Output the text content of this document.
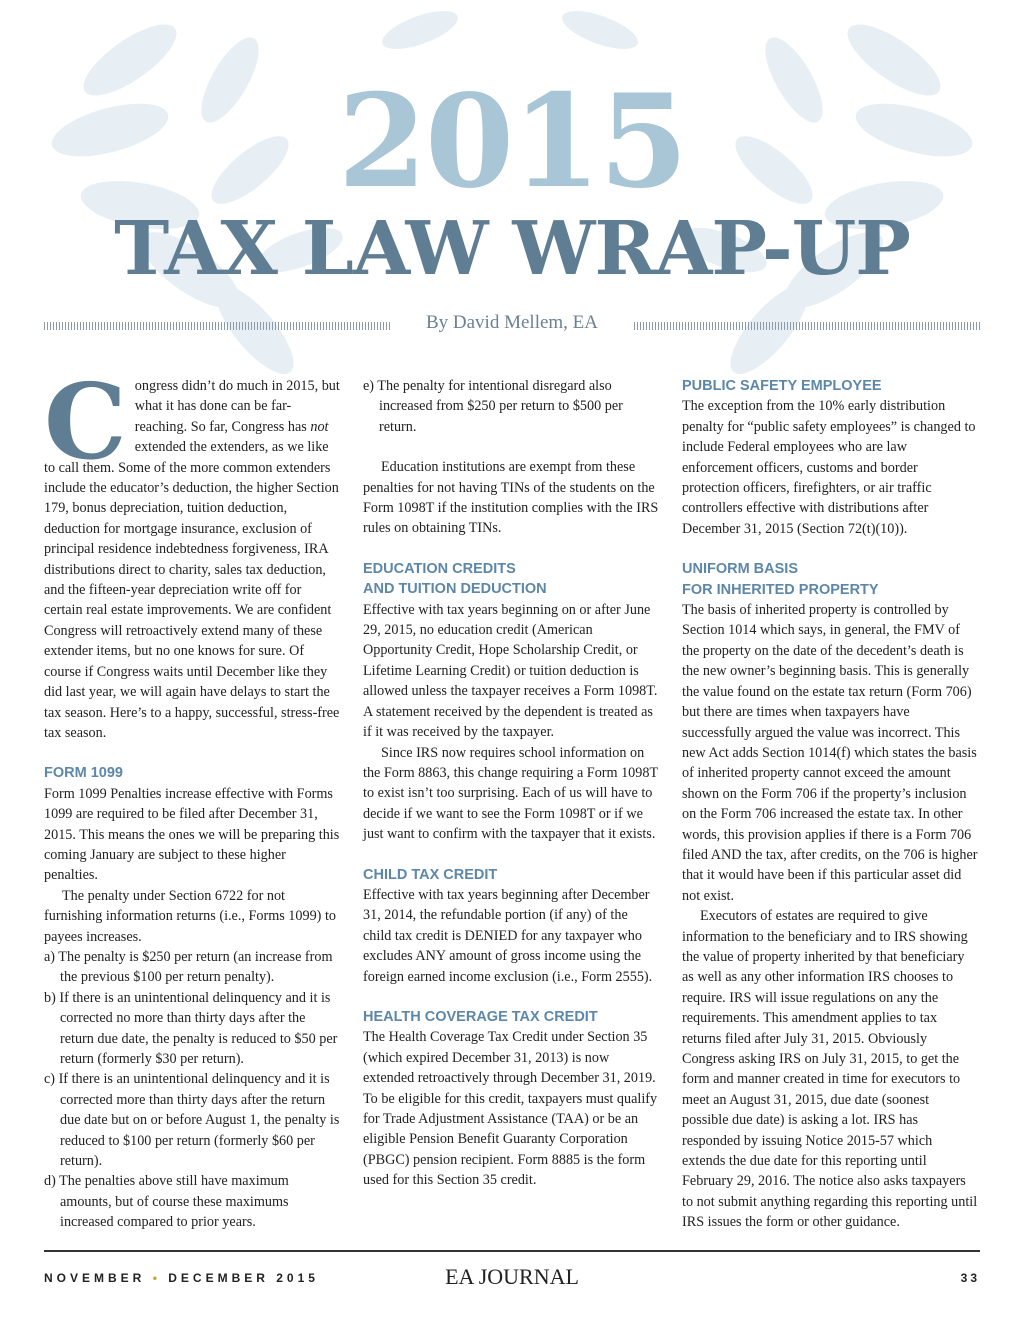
2015
TAX LAW WRAP-UP
By David Mellem, EA

Congress didn’t do much in 2015, but what it has done can be far-reaching. So far, Congress has not extended the extenders, as we like to call them. Some of the more common extenders include the educator’s deduction, the higher Section 179, bonus depreciation, tuition deduction, deduction for mortgage insurance, exclusion of principal residence indebtedness forgiveness, IRA distributions direct to charity, sales tax deduction, and the fifteen-year depreciation write off for certain real estate improvements. We are confident Congress will retroactively extend many of these extender items, but no one knows for sure. Of course if Congress waits until December like they did last year, we will again have delays to start the tax season. Here’s to a happy, successful, stress-free tax season.

FORM 1099

Form 1099 Penalties increase effective with Forms 1099 are required to be filed after December 31, 2015. This means the ones we will be preparing this coming January are subject to these higher penalties.

The penalty under Section 6722 for not furnishing information returns (i.e., Forms 1099) to payees increases.

a) The penalty is $250 per return (an increase from the previous $100 per return penalty).

b) If there is an unintentional delinquency and it is corrected no more than thirty days after the return due date, the penalty is reduced to $50 per return (formerly $30 per return).

c) If there is an unintentional delinquency and it is corrected more than thirty days after the return due date but on or before August 1, the penalty is reduced to $100 per return (formerly $60 per return).

d) The penalties above still have maximum amounts, but of course these maximums increased compared to prior years.

e) The penalty for intentional disregard also increased from $250 per return to $500 per return.

Education institutions are exempt from these penalties for not having TINs of the students on the Form 1098T if the institution complies with the IRS rules on obtaining TINs.

EDUCATION CREDITS
AND TUITION DEDUCTION

Effective with tax years beginning on or after June 29, 2015, no education credit (American Opportunity Credit, Hope Scholarship Credit, or Lifetime Learning Credit) or tuition deduction is allowed unless the taxpayer receives a Form 1098T. A statement received by the dependent is treated as if it was received by the taxpayer.

Since IRS now requires school information on the Form 8863, this change requiring a Form 1098T to exist isn’t too surprising. Each of us will have to decide if we want to see the Form 1098T or if we just want to confirm with the taxpayer that it exists.

CHILD TAX CREDIT

Effective with tax years beginning after December 31, 2014, the refundable portion (if any) of the child tax credit is DENIED for any taxpayer who excludes ANY amount of gross income using the foreign earned income exclusion (i.e., Form 2555).

HEALTH COVERAGE TAX CREDIT

The Health Coverage Tax Credit under Section 35 (which expired December 31, 2013) is now extended retroactively through December 31, 2019. To be eligible for this credit, taxpayers must qualify for Trade Adjustment Assistance (TAA) or be an eligible Pension Benefit Guaranty Corporation (PBGC) pension recipient. Form 8885 is the form used for this Section 35 credit.

PUBLIC SAFETY EMPLOYEE

The exception from the 10% early distribution penalty for “public safety employees” is changed to include Federal employees who are law enforcement officers, customs and border protection officers, firefighters, or air traffic controllers effective with distributions after December 31, 2015 (Section 72(t)(10)).

UNIFORM BASIS
FOR INHERITED PROPERTY

The basis of inherited property is controlled by Section 1014 which says, in general, the FMV of the property on the date of the decedent’s death is the new owner’s beginning basis. This is generally the value found on the estate tax return (Form 706) but there are times when taxpayers have successfully argued the value was incorrect. This new Act adds Section 1014(f) which states the basis of inherited property cannot exceed the amount shown on the Form 706 if the property’s inclusion on the Form 706 increased the estate tax. In other words, this provision applies if there is a Form 706 filed AND the tax, after credits, on the 706 is higher that it would have been if this particular asset did not exist.

Executors of estates are required to give information to the beneficiary and to IRS showing the value of property inherited by that beneficiary as well as any other information IRS chooses to require. IRS will issue regulations on any the requirements. This amendment applies to tax returns filed after July 31, 2015. Obviously Congress asking IRS on July 31, 2015, to get the form and manner created in time for executors to meet an August 31, 2015, due date (soonest possible due date) is asking a lot. IRS has responded by issuing Notice 2015-57 which extends the due date for this reporting until February 29, 2016. The notice also asks taxpayers to not submit anything regarding this reporting until IRS issues the form or other guidance.

NOVEMBER • DECEMBER 2015	EA JOURNAL	33
